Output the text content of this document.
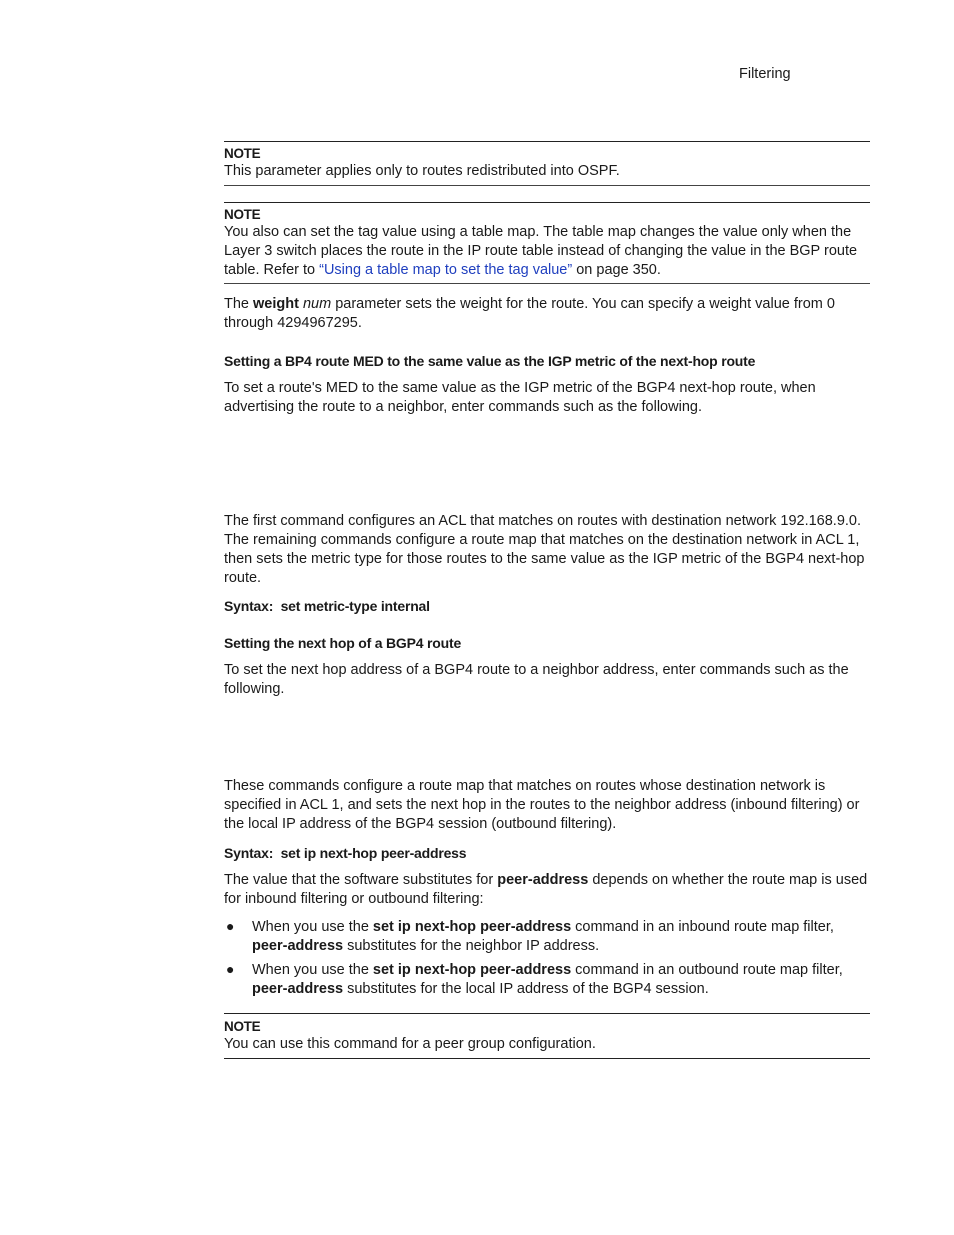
Filtering
NOTE
This parameter applies only to routes redistributed into OSPF.
NOTE
You also can set the tag value using a table map. The table map changes the value only when the Layer 3 switch places the route in the IP route table instead of changing the value in the BGP route table. Refer to “Using a table map to set the tag value” on page 350.
The weight num parameter sets the weight for the route. You can specify a weight value from 0 through 4294967295.
Setting a BP4 route MED to the same value as the IGP metric of the next-hop route
To set a route's MED to the same value as the IGP metric of the BGP4 next-hop route, when advertising the route to a neighbor, enter commands such as the following.
The first command configures an ACL that matches on routes with destination network 192.168.9.0. The remaining commands configure a route map that matches on the destination network in ACL 1, then sets the metric type for those routes to the same value as the IGP metric of the BGP4 next-hop route.
Syntax: set metric-type internal
Setting the next hop of a BGP4 route
To set the next hop address of a BGP4 route to a neighbor address, enter commands such as the following.
These commands configure a route map that matches on routes whose destination network is specified in ACL 1, and sets the next hop in the routes to the neighbor address (inbound filtering) or the local IP address of the BGP4 session (outbound filtering).
Syntax: set ip next-hop peer-address
The value that the software substitutes for peer-address depends on whether the route map is used for inbound filtering or outbound filtering:
● When you use the set ip next-hop peer-address command in an inbound route map filter, peer-address substitutes for the neighbor IP address.
● When you use the set ip next-hop peer-address command in an outbound route map filter, peer-address substitutes for the local IP address of the BGP4 session.
NOTE
You can use this command for a peer group configuration.
